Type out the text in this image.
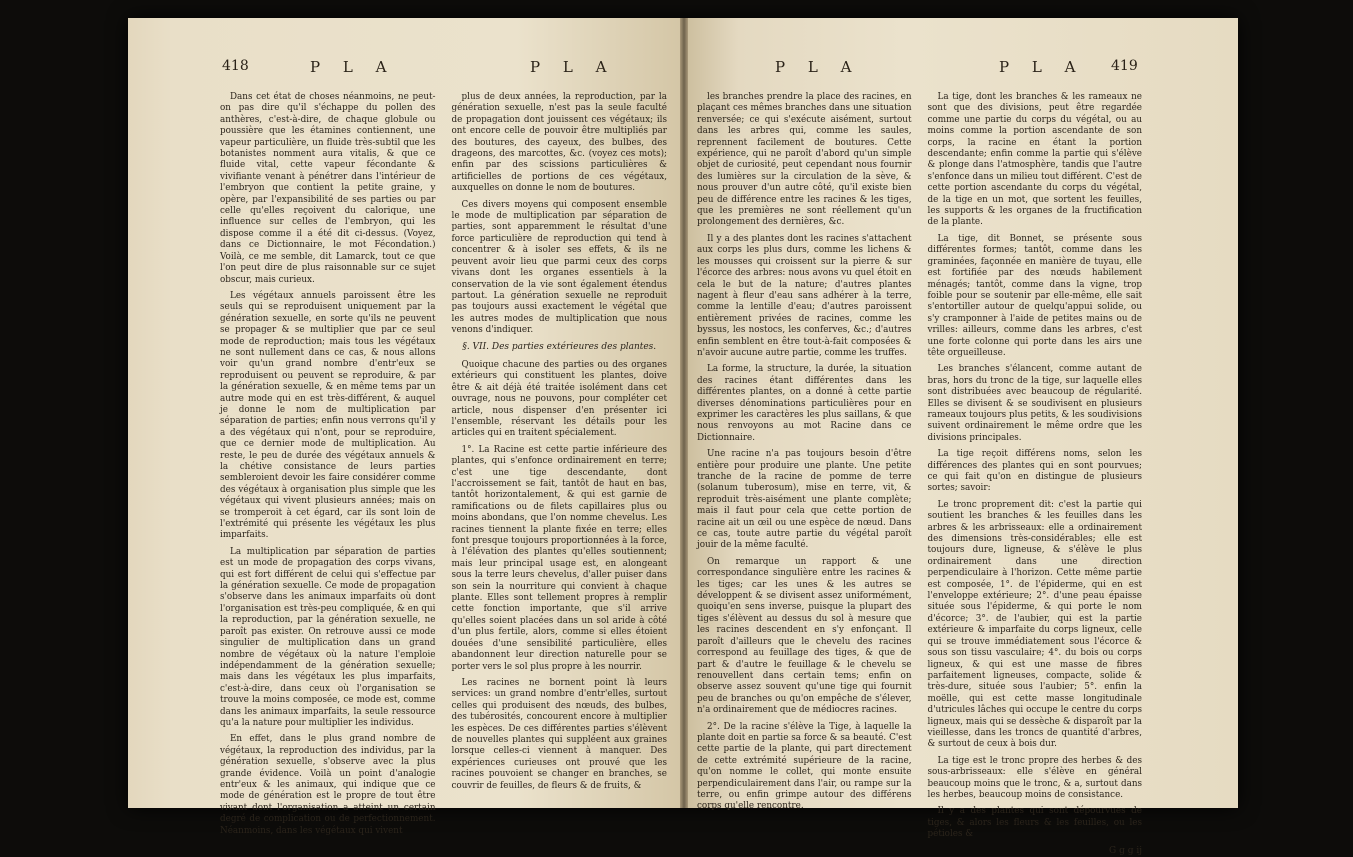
418	P L A	P L A

Dans cet état de choses néanmoins, ne peut-on pas dire qu'il s'échappe du pollen des anthères, c'est-à-dire, de chaque globule ou poussière que les étamines contiennent, une vapeur particulière, un fluide très-subtil que les botanistes nomment aura vitalis, & que ce fluide vital, cette vapeur fécondante & vivifiante venant à pénétrer dans l'intérieur de l'embryon que contient la petite graine, y opère, par l'expansibilité de ses parties ou par celle qu'elles reçoivent du calorique, une influence sur celles de l'embryon, qui les dispose comme il a été dit ci-dessus. (Voyez, dans ce Dictionnaire, le mot Fécondation.) Voilà, ce me semble, dit Lamarck, tout ce que l'on peut dire de plus raisonnable sur ce sujet obscur, mais curieux.

Les végétaux annuels paroissent être les seuls qui se reproduisent uniquement par la génération sexuelle, en sorte qu'ils ne peuvent se propager & se multiplier que par ce seul mode de reproduction; mais tous les végétaux ne sont nullement dans ce cas, & nous allons voir qu'un grand nombre d'entr'eux se reproduisent ou peuvent se reproduire, & par la génération sexuelle, & en même tems par un autre mode qui en est très-différent, & auquel je donne le nom de multiplication par séparation de parties; enfin nous verrons qu'il y a des végétaux qui n'ont, pour se reproduire, que ce dernier mode de multiplication. Au reste, le peu de durée des végétaux annuels & la chétive consistance de leurs parties sembleroient devoir les faire considérer comme des végétaux à organisation plus simple que les végétaux qui vivent plusieurs années; mais on se tromperoit à cet égard, car ils sont loin de l'extrémité qui présente les végétaux les plus imparfaits.

La multiplication par séparation de parties est un mode de propagation des corps vivans, qui est fort différent de celui qui s'effectue par la génération sexuelle. Ce mode de propagation s'observe dans les animaux imparfaits où dont l'organisation est très-peu compliquée, & en qui la reproduction, par la génération sexuelle, ne paroît pas exister. On retrouve aussi ce mode singulier de multiplication dans un grand nombre de végétaux où la nature l'emploie indépendamment de la génération sexuelle; mais dans les végétaux les plus imparfaits, c'est-à-dire, dans ceux où l'organisation se trouve la moins composée, ce mode est, comme dans les animaux imparfaits, la seule ressource qu'a la nature pour multiplier les individus.

En effet, dans le plus grand nombre de végétaux, la reproduction des individus, par la génération sexuelle, s'observe avec la plus grande évidence. Voilà un point d'analogie entr'eux & les animaux, qui indique que ce mode de génération est le propre de tout être vivant dont l'organisation a atteint un certain degré de complication ou de perfectionnement. Néanmoins, dans les végétaux qui vivent

plus de deux années, la reproduction, par la génération sexuelle, n'est pas la seule faculté de propagation dont jouissent ces végétaux; ils ont encore celle de pouvoir être multipliés par des boutures, des cayeux, des bulbes, des drageons, des marcottes, &c. (voyez ces mots); enfin par des scissions particulières & artificielles de portions de ces végétaux, auxquelles on donne le nom de boutures.

Ces divers moyens qui composent ensemble le mode de multiplication par séparation de parties, sont apparemment le résultat d'une force particulière de reproduction qui tend à concentrer & à isoler ses effets, & ils ne peuvent avoir lieu que parmi ceux des corps vivans dont les organes essentiels à la conservation de la vie sont également étendus partout. La génération sexuelle ne reproduit pas toujours aussi exactement le végétal que les autres modes de multiplication que nous venons d'indiquer.

§. VII. Des parties extérieures des plantes.

Quoique chacune des parties ou des organes extérieurs qui constituent les plantes, doive être & ait déjà été traitée isolément dans cet ouvrage, nous ne pouvons, pour compléter cet article, nous dispenser d'en présenter ici l'ensemble, réservant les détails pour les articles qui en traitent spécialement.

1°. La Racine est cette partie inférieure des plantes, qui s'enfonce ordinairement en terre; c'est une tige descendante, dont l'accroissement se fait, tantôt de haut en bas, tantôt horizontalement, & qui est garnie de ramifications ou de filets capillaires plus ou moins abondans, que l'on nomme chevelus. Les racines tiennent la plante fixée en terre; elles font presque toujours proportionnées à la force, à l'élévation des plantes qu'elles soutiennent; mais leur principal usage est, en alongeant sous la terre leurs chevelus, d'aller puiser dans son sein la nourriture qui convient à chaque plante. Elles sont tellement propres à remplir cette fonction importante, que s'il arrive qu'elles soient placées dans un sol aride à côté d'un plus fertile, alors, comme si elles étoient douées d'une sensibilité particulière, elles abandonnent leur direction naturelle pour se porter vers le sol plus propre à les nourrir.

Les racines ne bornent point là leurs services: un grand nombre d'entr'elles, surtout celles qui produisent des nœuds, des bulbes, des tubérosités, concourent encore à multiplier les espèces. De ces différentes parties s'élèvent de nouvelles plantes qui suppléent aux graines lorsque celles-ci viennent à manquer. Des expériences curieuses ont prouvé que les racines pouvoient se changer en branches, se couvrir de feuilles, de fleurs & de fruits, &

P L A	P L A 419

les branches prendre la place des racines, en plaçant ces mêmes branches dans une situation renversée; ce qui s'exécute aisément, surtout dans les arbres qui, comme les saules, reprennent facilement de boutures. Cette expérience, qui ne paroît d'abord qu'un simple objet de curiosité, peut cependant nous fournir des lumières sur la circulation de la sève, & nous prouver d'un autre côté, qu'il existe bien peu de différence entre les racines & les tiges, que les premières ne sont réellement qu'un prolongement des dernières, &c.

Il y a des plantes dont les racines s'attachent aux corps les plus durs, comme les lichens & les mousses qui croissent sur la pierre & sur l'écorce des arbres: nous avons vu quel étoit en cela le but de la nature; d'autres plantes nagent à fleur d'eau sans adhérer à la terre, comme la lentille d'eau; d'autres paroissent entièrement privées de racines, comme les byssus, les nostocs, les conferves, &c.; d'autres enfin semblent en être tout-à-fait composées & n'avoir aucune autre partie, comme les truffes.

La forme, la structure, la durée, la situation des racines étant différentes dans les différentes plantes, on a donné à cette partie diverses dénominations particulières pour en exprimer les caractères les plus saillans, & que nous renvoyons au mot Racine dans ce Dictionnaire.

Une racine n'a pas toujours besoin d'être entière pour produire une plante. Une petite tranche de la racine de pomme de terre (solanum tuberosum), mise en terre, vit, & reproduit très-aisément une plante complète; mais il faut pour cela que cette portion de racine ait un œil ou une espèce de nœud. Dans ce cas, toute autre partie du végétal paroît jouir de la même faculté.

On remarque un rapport & une correspondance singulière entre les racines & les tiges; car les unes & les autres se développent & se divisent assez uniformément, quoiqu'en sens inverse, puisque la plupart des tiges s'élèvent au dessus du sol à mesure que les racines descendent en s'y enfonçant. Il paroît d'ailleurs que le chevelu des racines correspond au feuillage des tiges, & que de part & d'autre le feuillage & le chevelu se renouvellent dans certain tems; enfin on observe assez souvent qu'une tige qui fournit peu de branches ou qu'on empêche de s'élever, n'a ordinairement que de médiocres racines.

2°. De la racine s'élève la Tige, à laquelle la plante doit en partie sa force & sa beauté. C'est cette partie de la plante, qui part directement de cette extrémité supérieure de la racine, qu'on nomme le collet, qui monte ensuite perpendiculairement dans l'air, ou rampe sur la terre, ou enfin grimpe autour des différens corps qu'elle rencontre.

La tige, dont les branches & les rameaux ne sont que des divisions, peut être regardée comme une partie du corps du végétal, ou au moins comme la portion ascendante de son corps, la racine en étant la portion descendante; enfin comme la partie qui s'élève & plonge dans l'atmosphère, tandis que l'autre s'enfonce dans un milieu tout différent. C'est de cette portion ascendante du corps du végétal, de la tige en un mot, que sortent les feuilles, les supports & les organes de la fructification de la plante.

La tige, dit Bonnet, se présente sous différentes formes; tantôt, comme dans les graminées, façonnée en manière de tuyau, elle est fortifiée par des nœuds habilement ménagés; tantôt, comme dans la vigne, trop foible pour se soutenir par elle-même, elle sait s'entortiller autour de quelqu'appui solide, ou s'y cramponner à l'aide de petites mains ou de vrilles: ailleurs, comme dans les arbres, c'est une forte colonne qui porte dans les airs une tête orgueilleuse.

Les branches s'élancent, comme autant de bras, hors du tronc de la tige, sur laquelle elles sont distribuées avec beaucoup de régularité. Elles se divisent & se soudivisent en plusieurs rameaux toujours plus petits, & les soudivisions suivent ordinairement le même ordre que les divisions principales.

La tige reçoit différens noms, selon les différences des plantes qui en sont pourvues; ce qui fait qu'on en distingue de plusieurs sortes; savoir:

Le tronc proprement dit: c'est la partie qui soutient les branches & les feuilles dans les arbres & les arbrisseaux: elle a ordinairement des dimensions très-considérables; elle est toujours dure, ligneuse, & s'élève le plus ordinairement dans une direction perpendiculaire à l'horizon. Cette même partie est composée, 1°. de l'épiderme, qui en est l'enveloppe extérieure; 2°. d'une peau épaisse située sous l'épiderme, & qui porte le nom d'écorce; 3°. de l'aubier, qui est la partie extérieure & imparfaite du corps ligneux, celle qui se trouve immédiatement sous l'écorce & sous son tissu vasculaire; 4°. du bois ou corps ligneux, & qui est une masse de fibres parfaitement ligneuses, compacte, solide & très-dure, située sous l'aubier; 5°. enfin la moëlle, qui est cette masse longitudinale d'utricules lâches qui occupe le centre du corps ligneux, mais qui se dessèche & disparoît par la vieillesse, dans les troncs de quantité d'arbres, & surtout de ceux à bois dur.

La tige est le tronc propre des herbes & des sous-arbrisseaux: elle s'élève en général beaucoup moins que le tronc, & a, surtout dans les herbes, beaucoup moins de consistance.

Il y a des plantes qui sont dépourvues de tiges, & alors les fleurs & les feuilles, ou les pétioles &

G g g ij
